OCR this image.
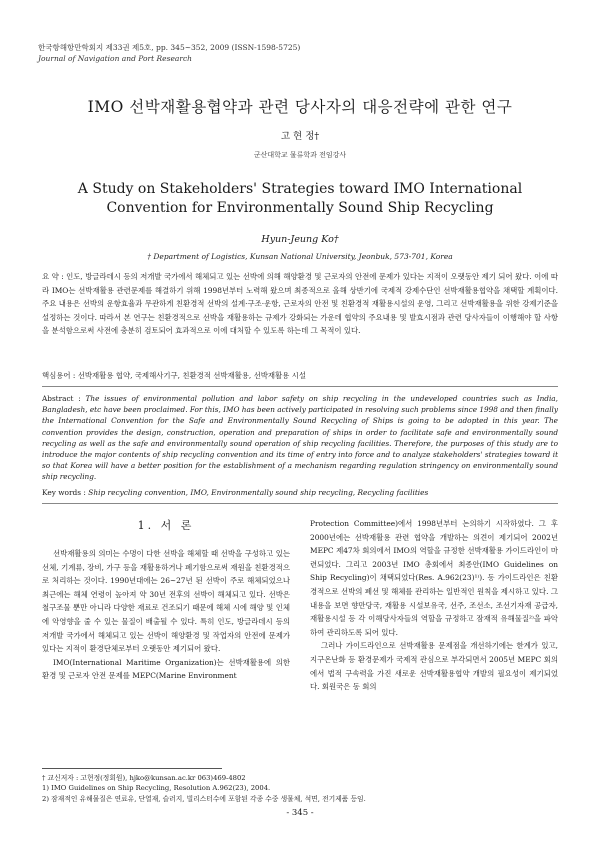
한국항해항만학회지 제33권 제5호, pp. 345~352, 2009 (ISSN-1598-5725)
Journal of Navigation and Port Research
IMO 선박재활용협약과 관련 당사자의 대응전략에 관한 연구
고 현 정†
군산대학교 물류학과 전임강사
A Study on Stakeholders' Strategies toward IMO International Convention for Environmentally Sound Ship Recycling
Hyun-Jeung Ko†
† Department of Logistics, Kunsan National University, Jeonbuk, 573-701, Korea
요 약 : 인도, 방글라데시 등의 저개발 국가에서 해체되고 있는 선박에 의해 해양환경 및 근로자의 안전에 문제가 있다는 지적이 오랫동안 제기 되어 왔다. 이에 따라 IMO는 선박재활용 관련문제를 해결하기 위해 1998년부터 노력해 왔으며 최종적으로 올해 상반기에 국제적 강제수단인 선박재활용협약을 채택할 계획이다. 주요 내용은 선박의 운항효율과 무관하게 친환경적 선박의 설계·구조·운항, 근로자의 안전 및 친환경적 재활용시설의 운영, 그리고 선박재활용을 위한 강제기준을 설정하는 것이다. 따라서 본 연구는 친환경적으로 선박을 재활용하는 규제가 강화되는 가운데 협약의 주요내용 및 발효시점과 관련 당사자들이 이행해야 할 사항을 분석함으로써 사전에 충분히 검토되어 효과적으로 이에 대처할 수 있도록 하는데 그 목적이 있다.
핵심용어 : 선박재활용 협약, 국제해사기구, 친환경적 선박재활용, 선박재활용 시설
Abstract : The issues of environmental pollution and labor safety on ship recycling in the undeveloped countries such as India, Bangladesh, etc have been proclaimed. For this, IMO has been actively participated in resolving such problems since 1998 and then finally the International Convention for the Safe and Environmentally Sound Recycling of Ships is going to be adopted in this year. The convention provides the design, construction, operation and preparation of ships in order to facilitate safe and environmentally sound recycling as well as the safe and environmentally sound operation of ship recycling facilities. Therefore, the purposes of this study are to introduce the major contents of ship recycling convention and its time of entry into force and to analyze stakeholders' strategies toward it so that Korea will have a better position for the establishment of a mechanism regarding regulation stringency on environmentally sound ship recycling.
Key words : Ship recycling convention, IMO, Environmentally sound ship recycling, Recycling facilities
1. 서 론

선박재활용의 의미는 수명이 다한 선박을 해체할 때 선박을 구성하고 있는 선체, 기계류, 장비, 가구 등을 재활용하거나 폐기함으로써 재원을 친환경적으로 처리하는 것이다. 1990년대에는 26~27년 된 선박이 주로 해체되었으나 최근에는 해체 연령이 높아져 약 30년 전후의 선박이 해체되고 있다. 선박은 철구조물 뿐만 아니라 다양한 재료로 건조되기 때문에 해체 시에 해양 및 인체에 악영향을 줄 수 있는 물질이 배출될 수 있다. 특히 인도, 방글라데시 등의 저개발 국가에서 해체되고 있는 선박이 해양환경 및 작업자의 안전에 문제가 있다는 지적이 환경단체로부터 오랫동안 제기되어 왔다.

IMO(International Maritime Organization)는 선박재활용에 의한 환경 및 근로자 안전 문제를 MEPC(Marine Environment

Protection Committee)에서 1998년부터 논의하기 시작하였다. 그 후 2000년에는 선박재활용 관련 협약을 개발하는 의견이 제기되어 2002년 MEPC 제47차 회의에서 IMO의 역할을 규정한 선박재활용 가이드라인이 마련되었다. 그리고 2003년 IMO 총회에서 최종안(IMO Guidelines on Ship Recycling)이 채택되었다(Res. A.962(23)¹⁾). 동 가이드라인은 친환경적으로 선박의 폐선 및 해체를 관리하는 일반적인 원칙을 제시하고 있다. 그 내용을 보면 향만당국, 재활용 시설보유국, 선주, 조선소, 조선기자재 공급자, 재활용시설 등 각 이해당사자들의 역할을 규정하고 잠재적 유해물질²⁾을 파악하여 관리하도록 되어 있다.

그러나 가이드라인으로 선박재활용 문제점을 개선하기에는 한계가 있고, 지구온난화 등 환경문제가 국제적 관심으로 부각되면서 2005년 MEPC 회의에서 법적 구속력을 가진 새로운 선박재활용협약 개발의 필요성이 제기되었다. 회원국은 동 회의

† 교신저자 : 고현정(정회원), hjko@kunsan.ac.kr 063)469-4802
1) IMO Guidelines on Ship Recycling, Resolution A.962(23), 2004.
2) 잠재적인 유해물질은 연료유, 단열재, 슬러지, 빌리스터수에 포함된 각종 수중 생물체, 석면, 전기제품 등임.
- 345 -
